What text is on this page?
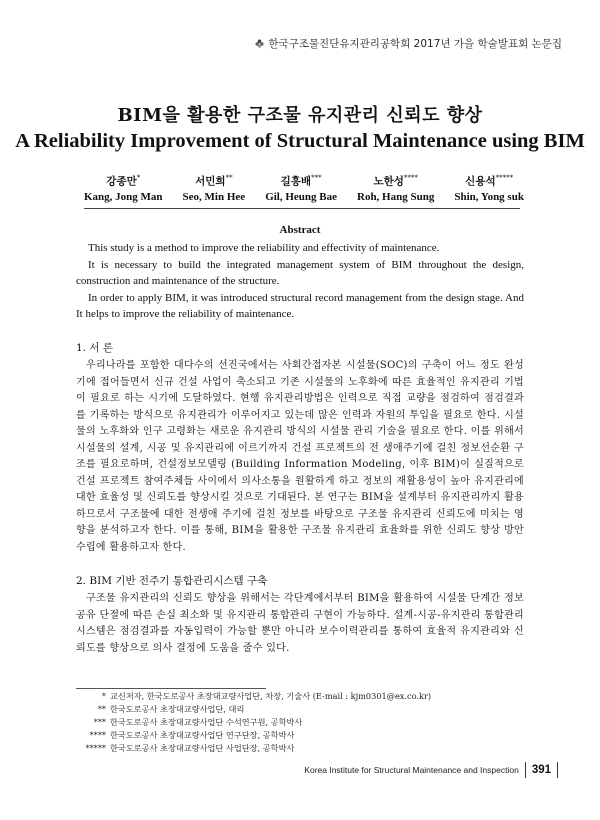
한국구조물진단유지관리공학회 2017년 가을 학술발표회 논문집
BIM을 활용한 구조물 유지관리 신뢰도 향상
A Reliability Improvement of Structural Maintenance using BIM
강종만*
Kang, Jong Man
서민희**
Seo, Min Hee
길흥배***
Gil, Heung Bae
노한성****
Roh, Hang Sung
신용석*****
Shin, Yong suk
Abstract

This study is a method to improve the reliability and effectivity of maintenance.

It is necessary to build the integrated management system of BIM throughout the design, construction and maintenance of the structure.

In order to apply BIM, it was introduced structural record management from the design stage. And It helps to improve the reliability of maintenance.

1. 서 론

우리나라를 포함한 대다수의 선진국에서는 사회간접자본 시설물(SOC)의 구축이 어느 정도 완성기에 접어들면서 신규 건설 사업이 축소되고 기존 시설물의 노후화에 따른 효율적인 유지관리 기법이 필요로 하는 시기에 도달하였다. 현행 유지관리방법은 인력으로 직접 교량을 점검하여 점검결과를 기록하는 방식으로 유지관리가 이루어지고 있는데 많은 인력과 자원의 투입을 필요로 한다. 시설물의 노후화와 인구 고령화는 새로운 유지관리 방식의 시설물 관리 기술을 필요로 한다. 이를 위해서 시설물의 설계, 시공 및 유지관리에 이르기까지 건설 프로젝트의 전 생애주기에 걸친 정보선순환 구조를 필요로하며, 건설정보모델링 (Building Information Modeling, 이후 BIM)이 실질적으로 건설 프로젝트 참여주체들 사이에서 의사소통을 원활하게 하고 정보의 재활용성이 높아 유지관리에 대한 효율성 및 신뢰도를 향상시킬 것으로 기대된다. 본 연구는 BIM을 설계부터 유지관리까지 활용하므로서 구조물에 대한 전생애 주기에 걸친 정보를 바탕으로 구조물 유지관리 신뢰도에 미치는 영향을 분석하고자 한다. 이를 통해, BIM을 활용한 구조물 유지관리 효율화를 위한 신뢰도 향상 방안 수립에 활용하고자 한다.

2. BIM 기반 전주기 통합관리시스템 구축

구조물 유지관리의 신뢰도 향상을 위해서는 각단계에서부터 BIM을 활용하여 시설물 단계간 정보공유 단절에 따른 손실 최소화 및 유지관리 통합관리 구현이 가능하다. 설계-시공-유지관리 통합관리 시스템은 점검결과를 자동입력이 가능할 뿐만 아니라 보수이력관리를 통하여 효율적 유지관리와 신뢰도를 향상으로 의사 결정에 도움을 줄수 있다.

* 교신저자, 한국도로공사 초장대교량사업단, 차장, 기술사 (E-mail : kjm0301@ex.co.kr)
** 한국도로공사 초장대교량사업단, 대리
*** 한국도로공사 초장대교량사업단 수석연구원, 공학박사
**** 한국도로공사 초장대교량사업단 연구단장, 공학박사
***** 한국도로공사 초장대교량사업단 사업단장, 공학박사
Korea Institute for Structural Maintenance and Inspection 391
